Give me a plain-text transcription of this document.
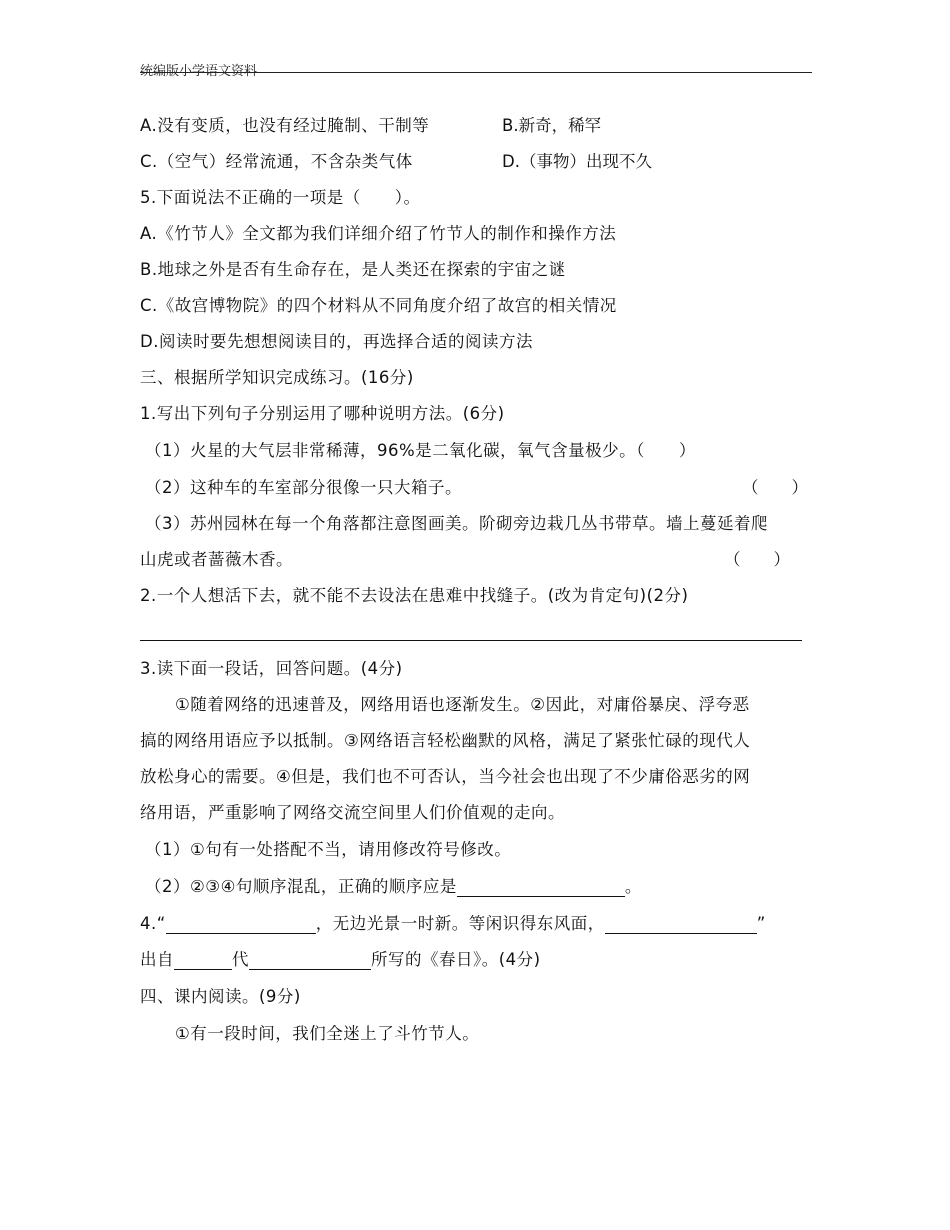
统编版小学语文资料
A.没有变质，也没有经过腌制、干制等	B.新奇，稀罕
C.（空气）经常流通，不含杂类气体	D.（事物）出现不久
5.下面说法不正确的一项是（　　）。
A.《竹节人》全文都为我们详细介绍了竹节人的制作和操作方法
B.地球之外是否有生命存在，是人类还在探索的宇宙之谜
C.《故宫博物院》的四个材料从不同角度介绍了故宫的相关情况
D.阅读时要先想想阅读目的，再选择合适的阅读方法
三、根据所学知识完成练习。(16分)
1.写出下列句子分别运用了哪种说明方法。(6分)
（1）火星的大气层非常稀薄，96%是二氧化碳，氧气含量极少。（　　）
（2）这种车的车室部分很像一只大箱子。	（　　）
（3）苏州园林在每一个角落都注意图画美。阶砌旁边栽几丛书带草。墙上蔓延着爬
山虎或者蔷薇木香。	（　　）
2.一个人想活下去，就不能不去设法在患难中找缝子。(改为肯定句)(2分)
3.读下面一段话，回答问题。(4分)
①随着网络的迅速普及，网络用语也逐渐发生。②因此，对庸俗暴戾、浮夸恶
搞的网络用语应予以抵制。③网络语言轻松幽默的风格，满足了紧张忙碌的现代人
放松身心的需要。④但是，我们也不可否认，当今社会也出现了不少庸俗恶劣的网
络用语，严重影响了网络交流空间里人们价值观的走向。
（1）①句有一处搭配不当，请用修改符号修改。
（2）②③④句顺序混乱，正确的顺序应是	。
4.“	，无边光景一时新。等闲识得东风面，	”
出自	代	所写的《春日》。(4分)
四、课内阅读。(9分)
①有一段时间，我们全迷上了斗竹节人。
